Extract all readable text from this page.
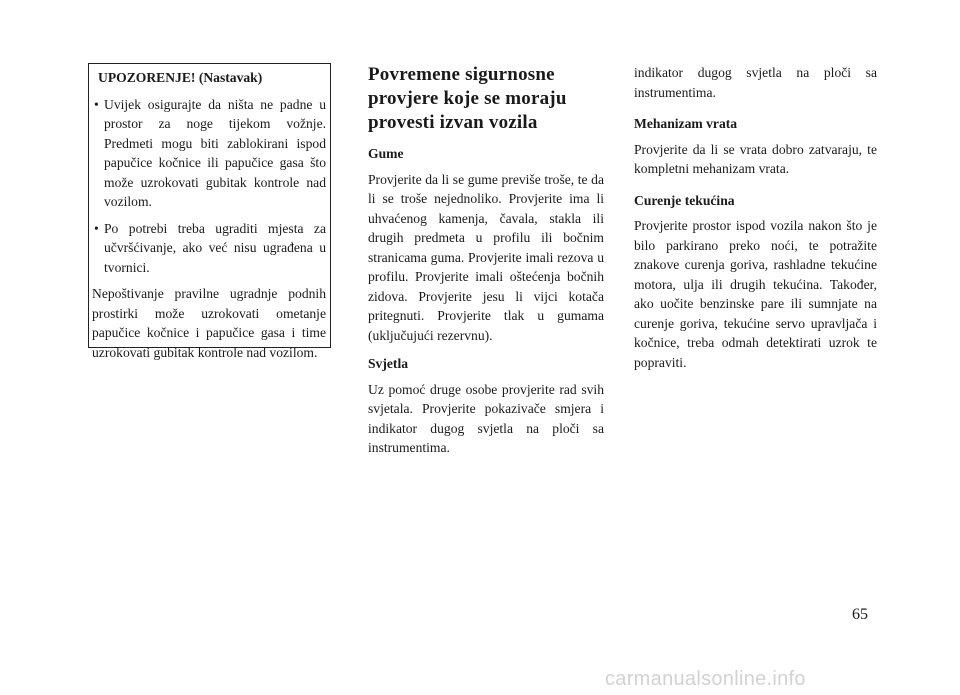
UPOZORENJE! (Nastavak)
• Uvijek osigurajte da ništa ne padne u prostor za noge tijekom vožnje. Predmeti mogu biti zablokirani ispod papučice kočnice ili papučice gasa što može uzrokovati gubitak kontrole nad vozilom.
• Po potrebi treba ugraditi mjesta za učvršćivanje, ako već nisu ugrađena u tvornici.

Nepoštivanje pravilne ugradnje podnih prostirki može uzrokovati ometanje papučice kočnice i papučice gasa i time uzrokovati gubitak kontrole nad vozilom.

Povremene sigurnosne provjere koje se moraju provesti izvan vozila
Gume

Provjerite da li se gume previše troše, te da li se troše nejednoliko. Provjerite ima li uhvaćenog kamenja, čavala, stakla ili drugih predmeta u profilu ili bočnim stranicama guma. Provjerite imali rezova u profilu. Provjerite imali oštećenja bočnih zidova. Provjerite jesu li vijci kotača pritegnuti. Provjerite tlak u gumama (uključujući rezervnu).

Svjetla

Uz pomoć druge osobe provjerite rad svih svjetala. Provjerite pokazivače smjera i indikator dugog svjetla na ploči sa instrumentima.

indikator dugog svjetla na ploči sa instrumentima.

Mehanizam vrata

Provjerite da li se vrata dobro zatvaraju, te kompletni mehanizam vrata.

Curenje tekućina

Provjerite prostor ispod vozila nakon što je bilo parkirano preko noći, te potražite znakove curenja goriva, rashladne tekućine motora, ulja ili drugih tekućina. Također, ako uočite benzinske pare ili sumnjate na curenje goriva, tekućine servo upravljača i kočnice, treba odmah detektirati uzrok te popraviti.

65
carmanualsonline.info
